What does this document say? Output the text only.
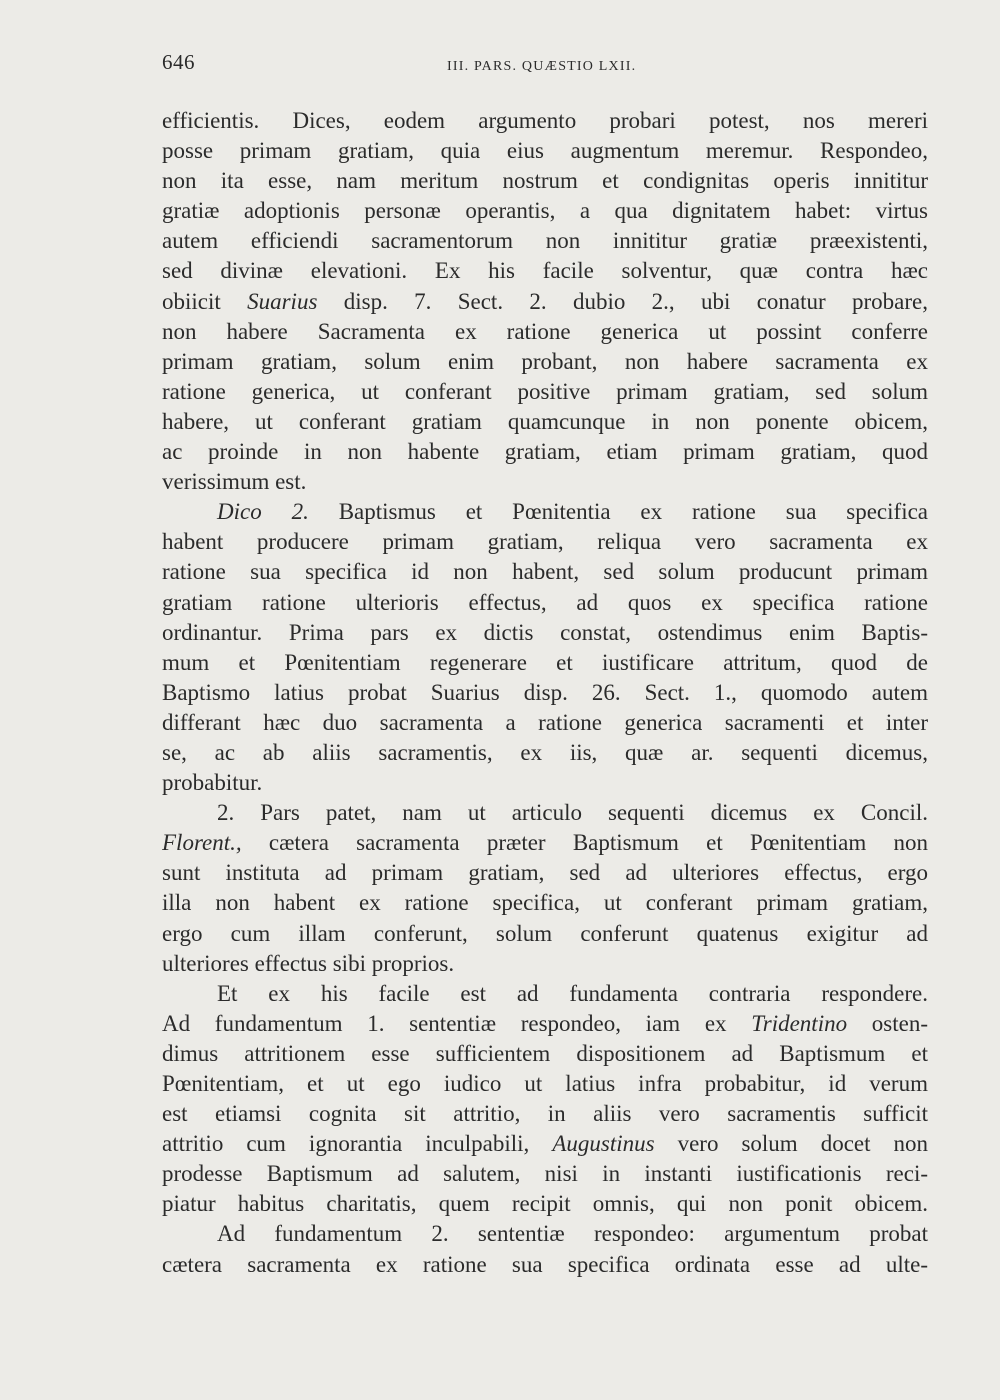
646	III. PARS. QUÆSTIO LXII.
efficientis. Dices, eodem argumento probari potest, nos mereri
posse primam gratiam, quia eius augmentum meremur. Respondeo,
non ita esse, nam meritum nostrum et condignitas operis innititur
gratiæ adoptionis personæ operantis, a qua dignitatem habet: virtus
autem efficiendi sacramentorum non innititur gratiæ præexistenti,
sed divinæ elevationi. Ex his facile solventur, quæ contra hæc
obiicit Suarius disp. 7. Sect. 2. dubio 2., ubi conatur probare,
non habere Sacramenta ex ratione generica ut possint conferre
primam gratiam, solum enim probant, non habere sacramenta ex
ratione generica, ut conferant positive primam gratiam, sed solum
habere, ut conferant gratiam quamcunque in non ponente obicem,
ac proinde in non habente gratiam, etiam primam gratiam, quod
verissimum est.
Dico 2. Baptismus et Pœnitentia ex ratione sua specifica
habent producere primam gratiam, reliqua vero sacramenta ex
ratione sua specifica id non habent, sed solum producunt primam
gratiam ratione ulterioris effectus, ad quos ex specifica ratione
ordinantur. Prima pars ex dictis constat, ostendimus enim Baptis-
mum et Pœnitentiam regenerare et iustificare attritum, quod de
Baptismo latius probat Suarius disp. 26. Sect. 1., quomodo autem
differant hæc duo sacramenta a ratione generica sacramenti et inter
se, ac ab aliis sacramentis, ex iis, quæ ar. sequenti dicemus,
probabitur.
2. Pars patet, nam ut articulo sequenti dicemus ex Concil.
Florent., cætera sacramenta præter Baptismum et Pœnitentiam non
sunt instituta ad primam gratiam, sed ad ulteriores effectus, ergo
illa non habent ex ratione specifica, ut conferant primam gratiam,
ergo cum illam conferunt, solum conferunt quatenus exigitur ad
ulteriores effectus sibi proprios.
Et ex his facile est ad fundamenta contraria respondere.
Ad fundamentum 1. sententiæ respondeo, iam ex Tridentino osten-
dimus attritionem esse sufficientem dispositionem ad Baptismum et
Pœnitentiam, et ut ego iudico ut latius infra probabitur, id verum
est etiamsi cognita sit attritio, in aliis vero sacramentis sufficit
attritio cum ignorantia inculpabili, Augustinus vero solum docet non
prodesse Baptismum ad salutem, nisi in instanti iustificationis reci-
piatur habitus charitatis, quem recipit omnis, qui non ponit obicem.
Ad fundamentum 2. sententiæ respondeo: argumentum probat
cætera sacramenta ex ratione sua specifica ordinata esse ad ulte-
